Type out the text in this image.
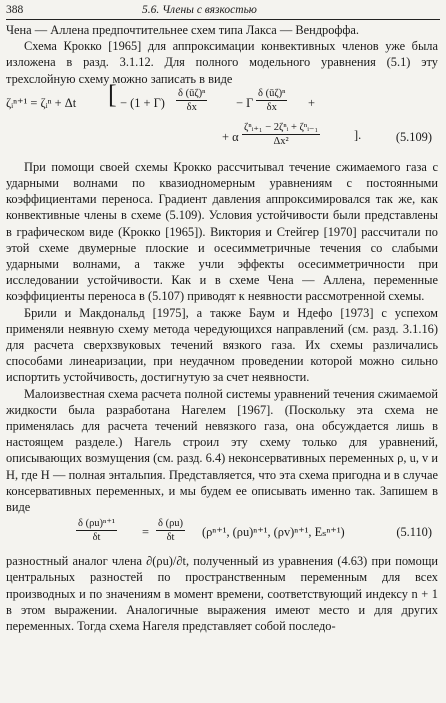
388	5.6. Члены с вязкостью

Чена — Аллена предпочтительнее схем типа Лакса — Вендроффа.

Схема Крокко [1965] для аппроксимации конвективных членов уже была изложена в разд. 3.1.12. Для полного модельного уравнения (5.1) эту трехслойную схему можно записать в виде

ζᵢⁿ⁺¹ = ζᵢⁿ + Δt [ − $(1 + \Gamma) \frac{\text{δ (ūζ)ⁿ}}{\delta x} - \Gamma \frac{\text{δ (ūζ)ⁿ}}{\delta x}$ +
+ α $\frac{\text{ζⁿᵢ₊₁ − 2ζⁿᵢ + ζⁿᵢ₋₁}}{\text{Δx²}}$	].	(5.109)

При помощи своей схемы Крокко рассчитывал течение сжимаемого газа с ударными волнами по квазиодномерным уравнениям с постоянными коэффициентами переноса. Градиент давления аппроксимировался так же, как конвективные члены в схеме (5.109). Условия устойчивости были представлены в графическом виде (Крокко [1965]). Виктория и Стейгер [1970] рассчитали по этой схеме двумерные плоские и осесимметричные течения со слабыми ударными волнами, а также учли эффекты осесимметричности при исследовании устойчивости. Как и в схеме Чена — Аллена, переменные коэффициенты переноса в (5.107) приводят к неявности рассмотренной схемы.

Брили и Макдональд [1975], а также Баум и Ндефо [1973] с успехом применяли неявную схему метода чередующихся направлений (см. разд. 3.1.16) для расчета сверхзвуковых течений вязкого газа. Их схемы различались способами линеаризации, при неудачном проведении которой можно сильно испортить устойчивость, достигнутую за счет неявности.

Малоизвестная схема расчета полной системы уравнений течения сжимаемой жидкости была разработана Нагелем [1967]. (Поскольку эта схема не применялась для расчета течений невязкого газа, она обсуждается лишь в настоящем разделе.) Нагель строил эту схему только для уравнений, описывающих возмущения (см. разд. 6.4) неконсервативных переменных ρ, u, v и H, где H — полная энтальпия. Представляется, что эта схема пригодна и в случае консервативных переменных, и мы будем ее описывать именно так. Запишем в виде

$\frac{\text{δ (ρu)ⁿ⁺¹}}{\delta t} = \frac{\delta (\rho u)}{\delta t} (\rho^{n+1}$, (ρu)ⁿ⁺¹, (ρv)ⁿ⁺¹, Eₛⁿ⁺¹)	(5.110)

разностный аналог члена ∂(ρu)/∂t, полученный из уравнения (4.63) при помощи центральных разностей по пространственным переменным для всех производных и по значениям в момент времени, соответствующий индексу n + 1 в этом выражении. Аналогичные выражения имеют место и для других переменных. Тогда схема Нагеля представляет собой последо-
